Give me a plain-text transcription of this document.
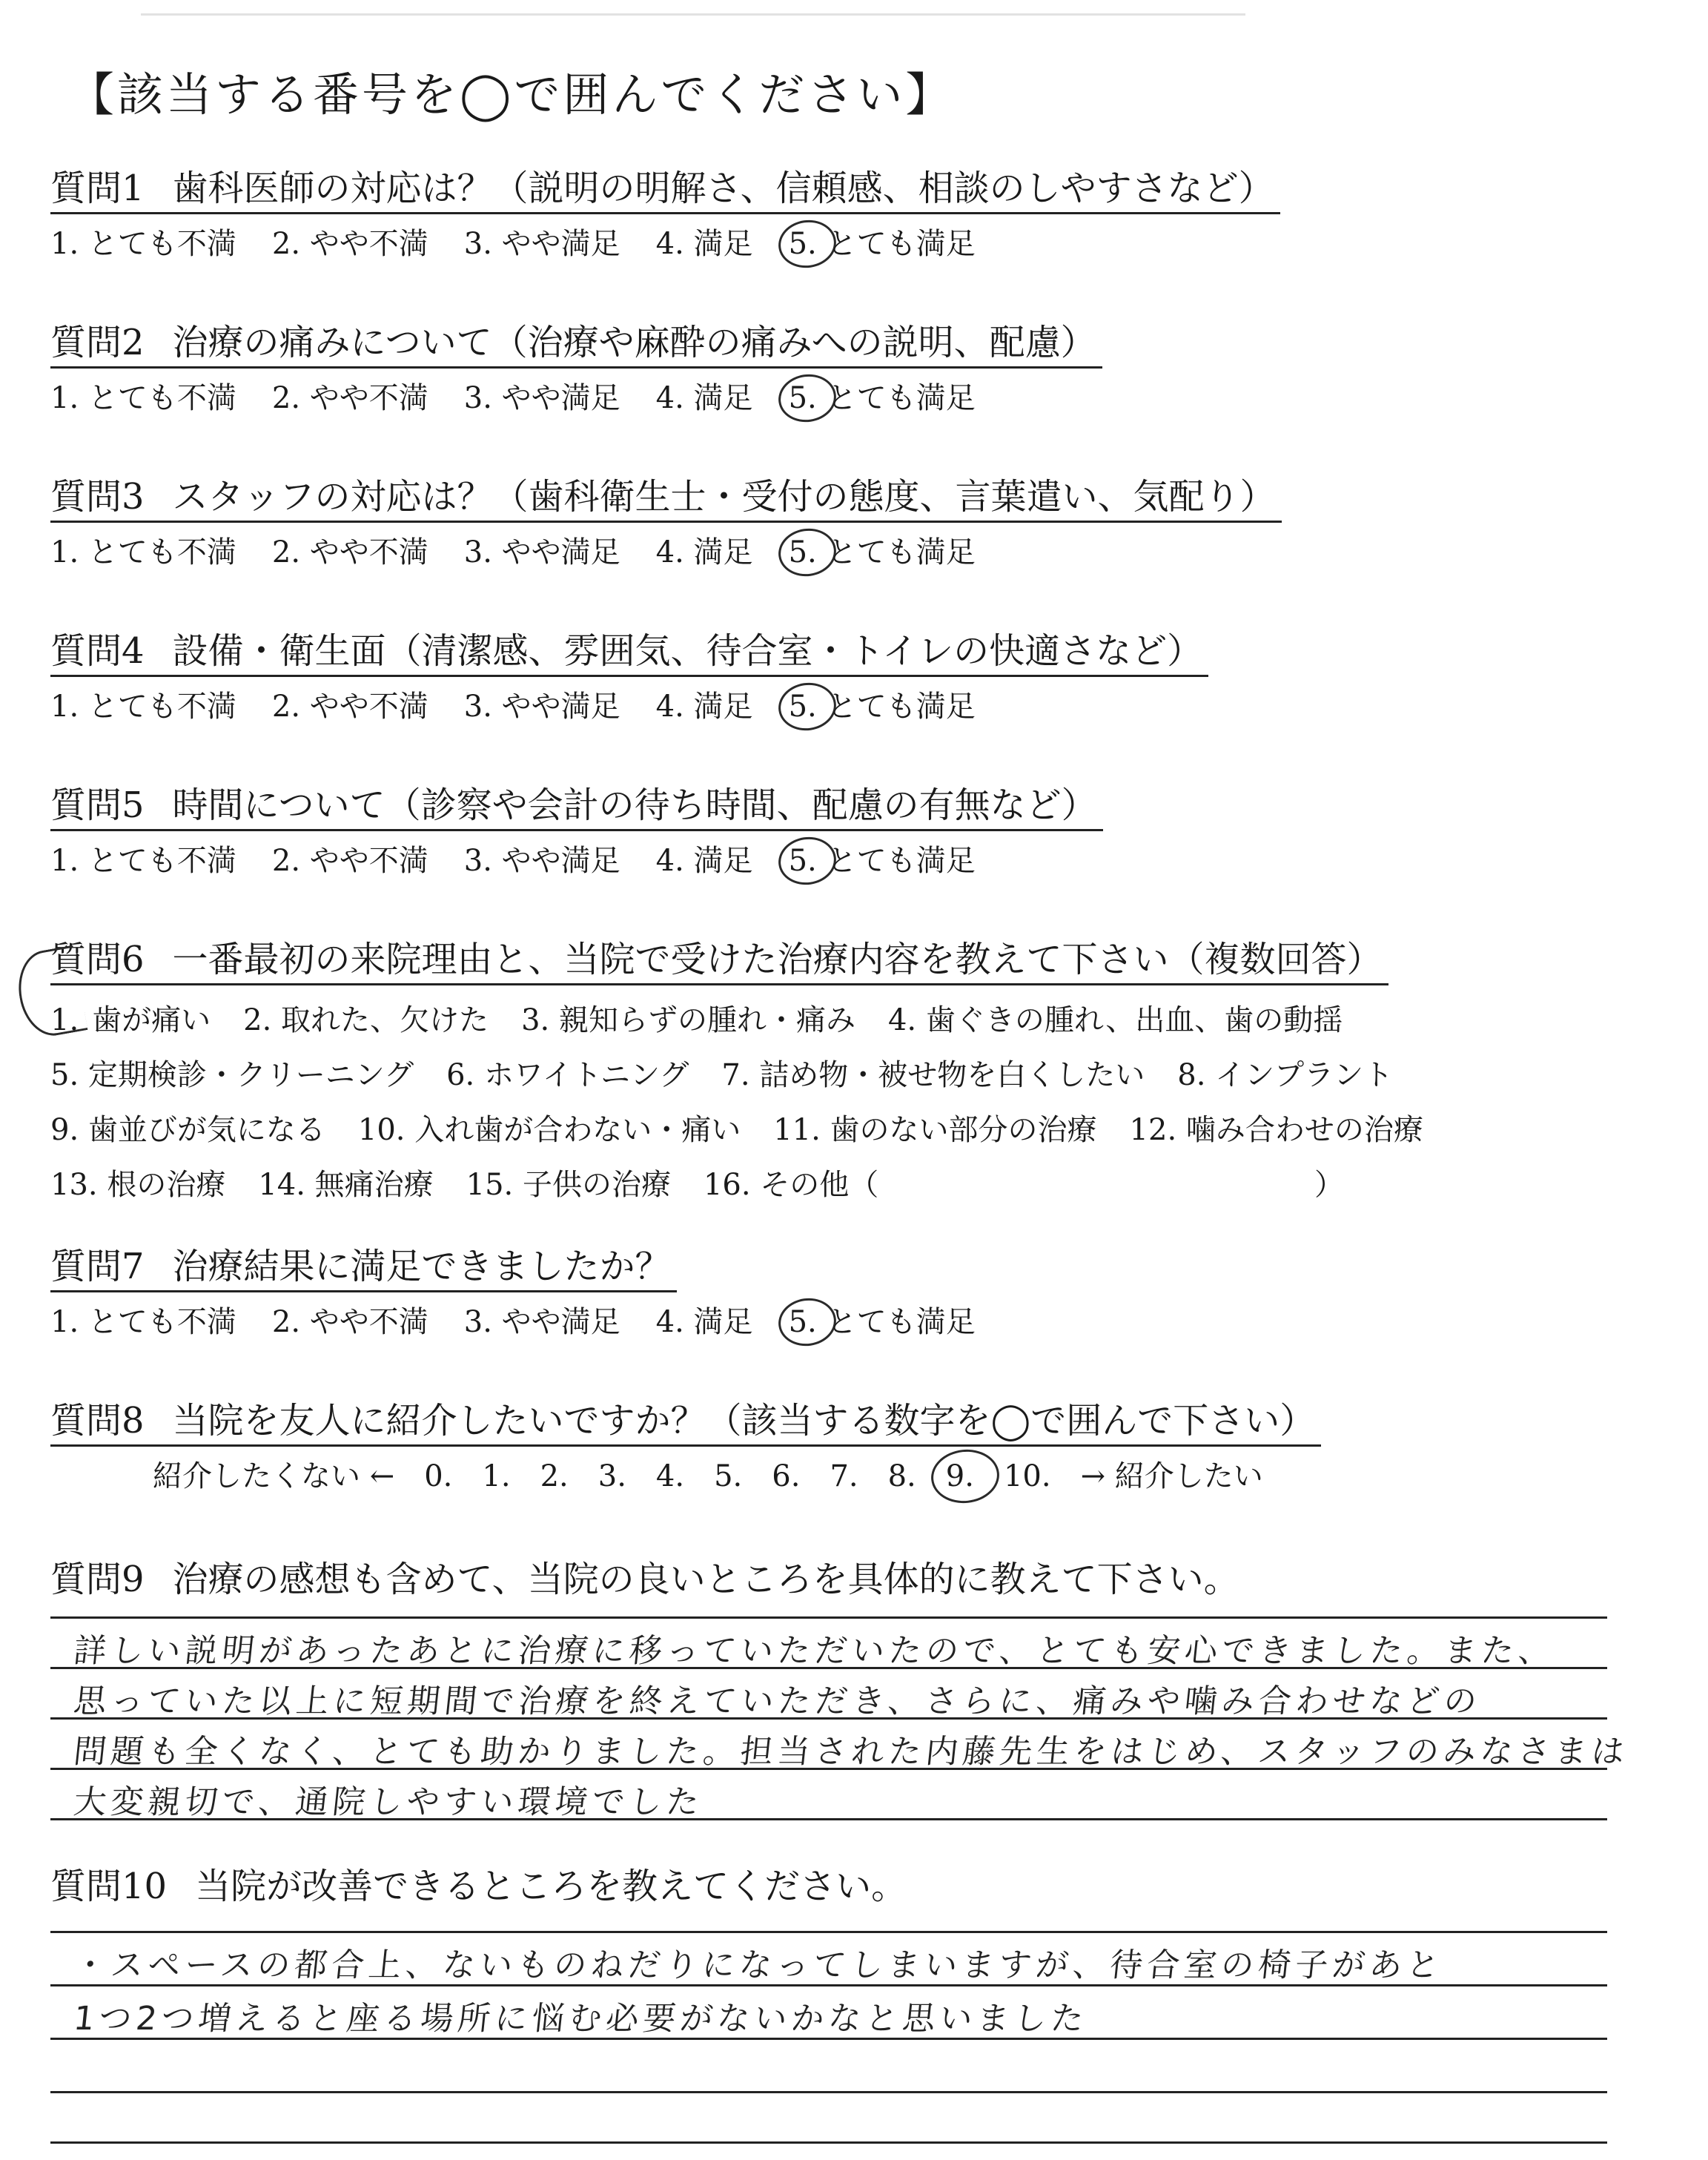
【該当する番号を◯で囲んでください】
質問1 歯科医師の対応は？（説明の明解さ、信頼感、相談のしやすさなど）
1. とても不満 2. やや不満 3. やや満足 4. 満足 5. とても満足
質問2 治療の痛みについて（治療や麻酔の痛みへの説明、配慮）
1. とても不満 2. やや不満 3. やや満足 4. 満足 5. とても満足
質問3 スタッフの対応は？（歯科衛生士・受付の態度、言葉遣い、気配り）
1. とても不満 2. やや不満 3. やや満足 4. 満足 5. とても満足
質問4 設備・衛生面（清潔感、雰囲気、待合室・トイレの快適さなど）
1. とても不満 2. やや不満 3. やや満足 4. 満足 5. とても満足
質問5 時間について（診察や会計の待ち時間、配慮の有無など）
1. とても不満 2. やや不満 3. やや満足 4. 満足 5. とても満足
質問6 一番最初の来院理由と、当院で受けた治療内容を教えて下さい（複数回答）
1. 歯が痛い 2. 取れた、欠けた 3. 親知らずの腫れ・痛み 4. 歯ぐきの腫れ、出血、歯の動揺
5. 定期検診・クリーニング 6. ホワイトニング 7. 詰め物・被せ物を白くしたい 8. インプラント
9. 歯並びが気になる 10. 入れ歯が合わない・痛い 11. 歯のない部分の治療 12. 噛み合わせの治療
13. 根の治療 14. 無痛治療 15. 子供の治療 16. その他（	）
質問7 治療結果に満足できましたか？
1. とても不満 2. やや不満 3. やや満足 4. 満足 5. とても満足
質問8 当院を友人に紹介したいですか？（該当する数字を◯で囲んで下さい）
紹介したくない ← 0. 1. 2. 3. 4. 5. 6. 7. 8. 9. 10. → 紹介したい
質問9 治療の感想も含めて、当院の良いところを具体的に教えて下さい。
詳しい説明があったあとに治療に移っていただいたので、とても安心できました。また、
思っていた以上に短期間で治療を終えていただき、さらに、痛みや噛み合わせなどの
問題も全くなく、とても助かりました。担当された内藤先生をはじめ、スタッフのみなさまは
大変親切で、通院しやすい環境でした
質問10 当院が改善できるところを教えてください。
・スペースの都合上、ないものねだりになってしまいますが、待合室の椅子があと
1つ2つ増えると座る場所に悩む必要がないかなと思いました
